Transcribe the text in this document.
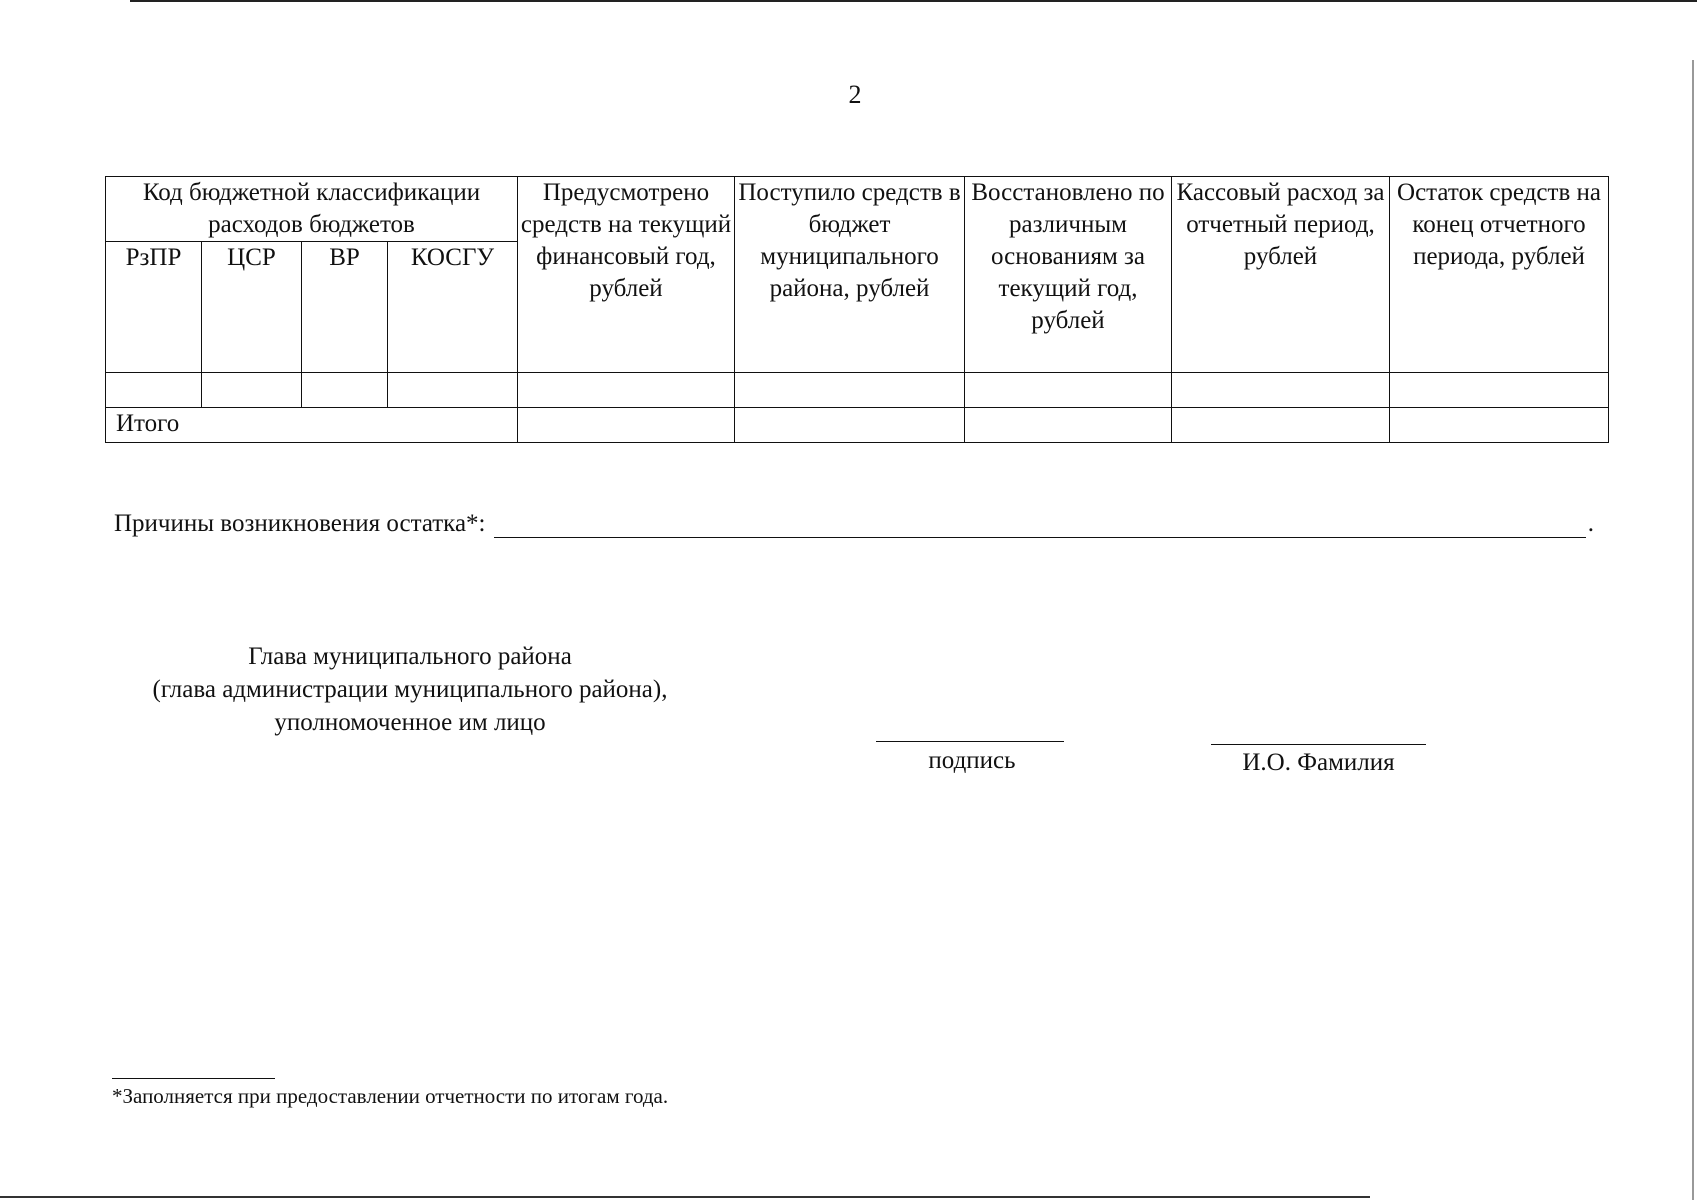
2
Код бюджетной классификации расходов бюджетов				Предусмотрено средств на текущий финансовый год, рублей	Поступило средств в бюджет муниципального района, рублей	Восстановлено по различным основаниям за текущий год, рублей	Кассовый расход за отчетный период, рублей	Остаток средств на конец отчетного периода, рублей
РзПР	ЦСР	ВР	КОСГУ					

Итого								
Причины возникновения остатка*:	.
Глава муниципального района
(глава администрации муниципального района),
уполномоченное им лицо
подпись	И.О. Фамилия
*Заполняется при предоставлении отчетности по итогам года.
